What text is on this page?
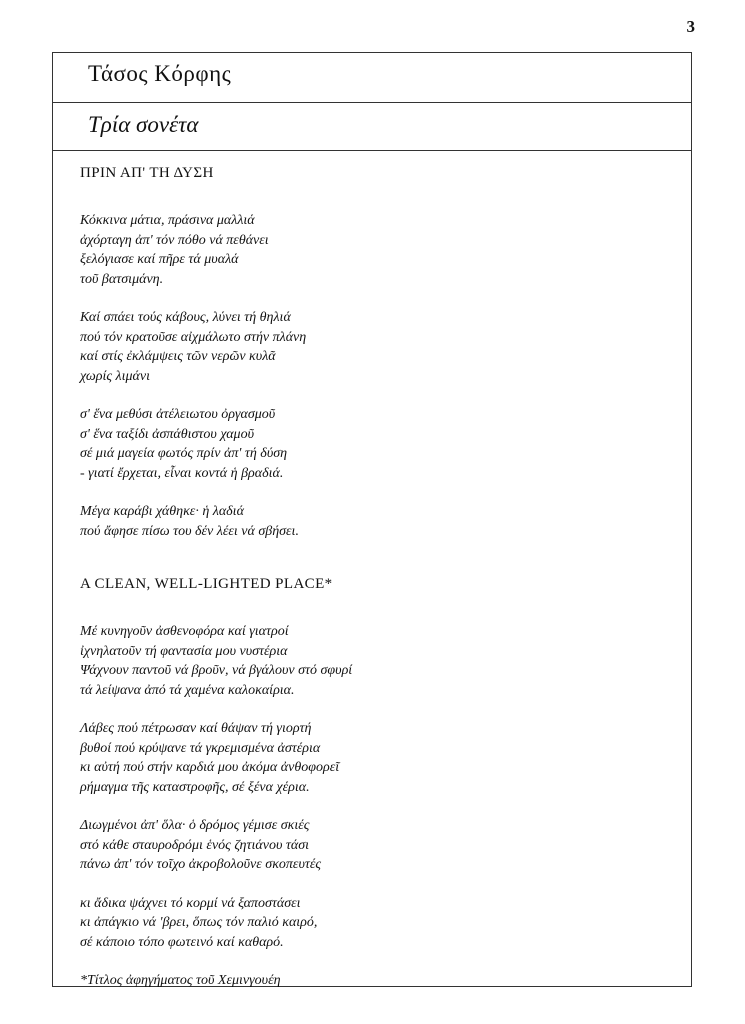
3
Τάσος Κόρφης
Τρία σονέτα
ΠΡΙΝ ΑΠ' ΤΗ ΔΥΣΗ
Κόκκινα μάτια, πράσινα μαλλιά
ἀχόρταγη ἀπ' τόν πόθο νά πεθάνει
ξελόγιασε καί πῆρε τά μυαλά
τοῦ βατσιμάνη.
Καί σπάει τούς κάβους, λύνει τή θηλιά
πού τόν κρατοῦσε αἰχμάλωτο στήν πλάνη
καί στίς ἐκλάμψεις τῶν νερῶν κυλᾶ
χωρίς λιμάνι
σ' ἕνα μεθύσι ἀτέλειωτου ὀργασμοῦ
σ' ἕνα ταξίδι ἀσπάθιστου χαμοῦ
σέ μιά μαγεία φωτός πρίν ἀπ' τή δύση
- γιατί ἔρχεται, εἶναι κοντά ἡ βραδιά.
Μέγα καράβι χάθηκε· ἡ λαδιά
πού ἄφησε πίσω του δέν λέει νά σβήσει.
A CLEAN, WELL-LIGHTED PLACE*
Μέ κυνηγοῦν ἀσθενοφόρα καί γιατροί
ἰχνηλατοῦν τή φαντασία μου νυστέρια
Ψάχνουν παντοῦ νά βροῦν, νά βγάλουν στό σφυρί
τά λείψανα ἀπό τά χαμένα καλοκαίρια.
Λάβες πού πέτρωσαν καί θάψαν τή γιορτή
βυθοί πού κρύψανε τά γκρεμισμένα ἀστέρια
κι αὐτή πού στήν καρδιά μου ἀκόμα ἀνθοφορεῖ
ρήμαγμα τῆς καταστροφῆς, σέ ξένα χέρια.
Διωγμένοι ἀπ' ὅλα· ὁ δρόμος γέμισε σκιές
στό κάθε σταυροδρόμι ἑνός ζητιάνου τάσι
πάνω ἀπ' τόν τοῖχο ἀκροβολοῦνε σκοπευτές
κι ἄδικα ψάχνει τό κορμί νά ξαποστάσει
κι ἀπάγκιο νά 'βρει, ὅπως τόν παλιό καιρό,
σέ κάποιο τόπο φωτεινό καί καθαρό.
*Τίτλος ἀφηγήματος τοῦ Χεμινγουέη
